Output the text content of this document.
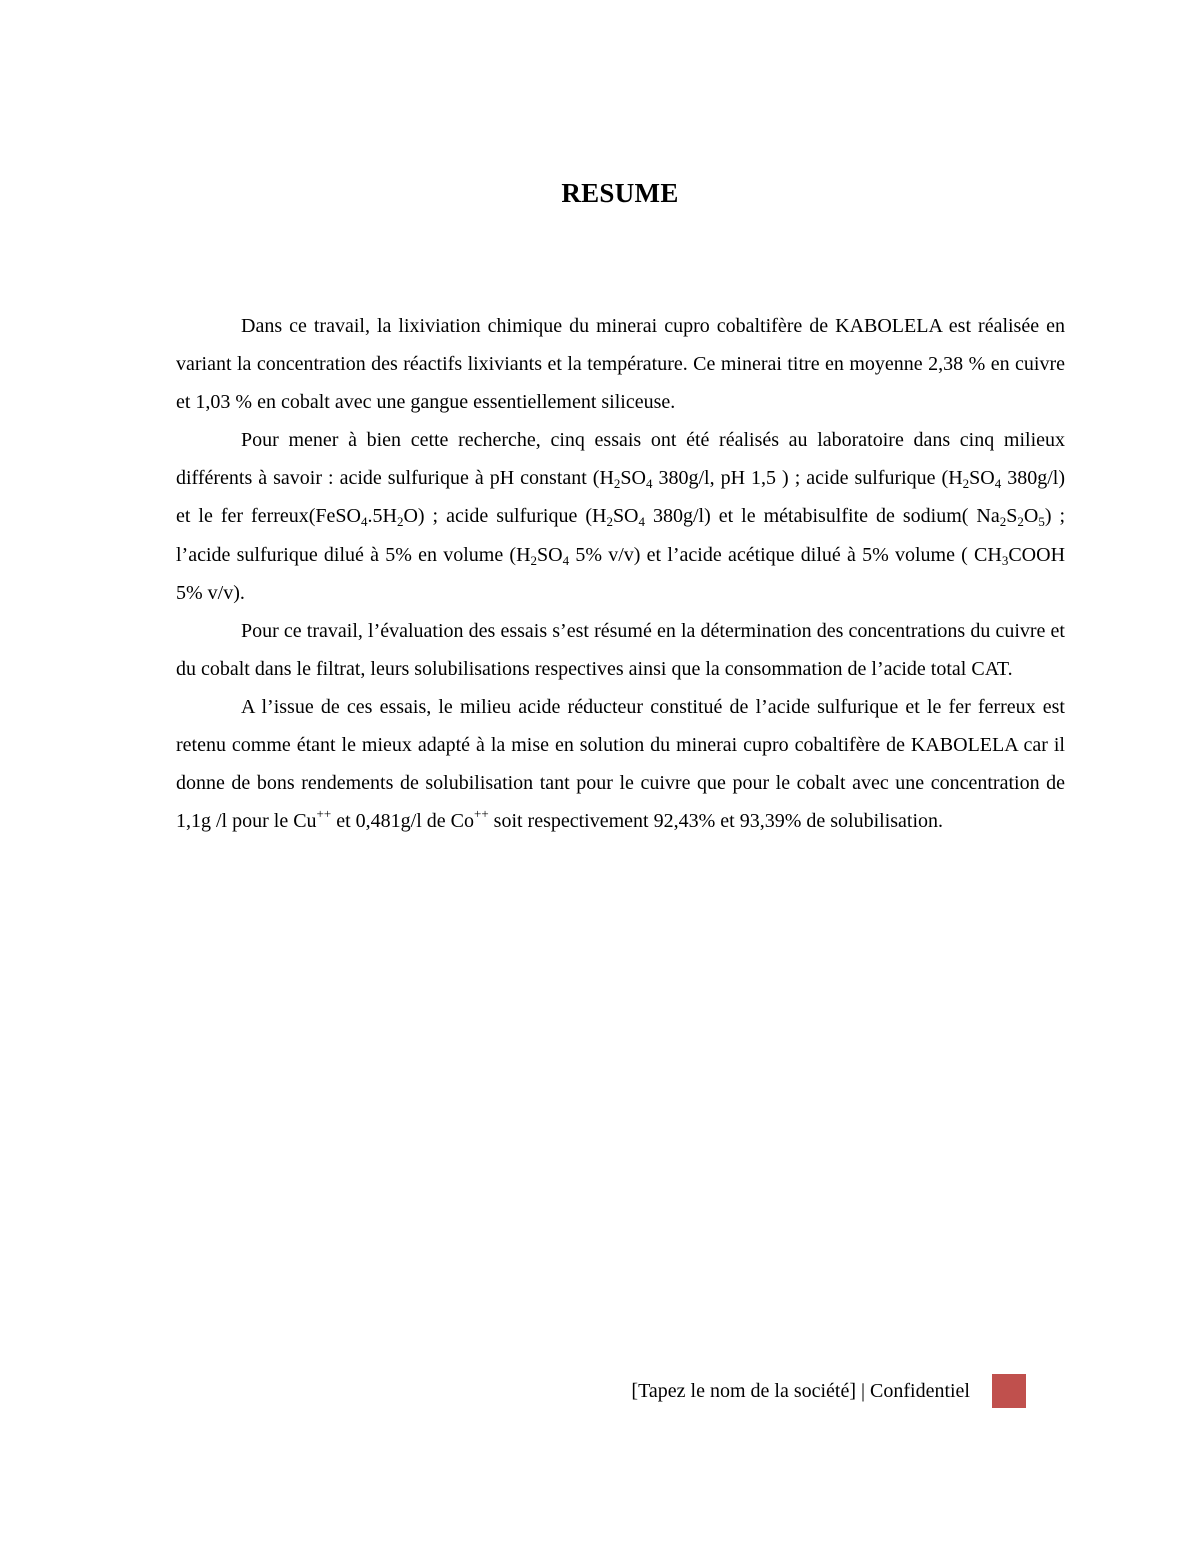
RESUME

Dans ce travail, la lixiviation chimique du minerai cupro cobaltifère de KABOLELA est réalisée en variant la concentration des réactifs lixiviants et la température. Ce minerai titre en moyenne 2,38 % en cuivre et 1,03 % en cobalt avec une gangue essentiellement siliceuse.

Pour mener à bien cette recherche, cinq essais ont été réalisés au laboratoire dans cinq milieux différents à savoir : acide sulfurique à pH constant ($H_2SO_4$ 380g/l, pH 1,5 ) ; acide sulfurique ($H_2SO_4$ 380g/l) et le fer $ferreux(FeSO_4.5H_2O)$ ; acide sulfurique ($H_2SO_4$ 380g/l) et le métabisulfite de sodium( $Na_2S_2O_5$) ; l’acide sulfurique dilué à 5% en volume ($H_2SO_4$ 5% v/v) et l’acide acétique dilué à 5% volume ( $CH_3COOH$ 5% v/v).

Pour ce travail, l’évaluation des essais s’est résumé en la détermination des concentrations du cuivre et du cobalt dans le filtrat, leurs solubilisations respectives ainsi que la consommation de l’acide total CAT.

A l’issue de ces essais, le milieu acide réducteur constitué de l’acide sulfurique et le fer ferreux est retenu comme étant le mieux adapté à la mise en solution du minerai cupro cobaltifère de KABOLELA car il donne de bons rendements de solubilisation tant pour le cuivre que pour le cobalt avec une concentration de 1,1g /l pour le Cu++ et 0,481g/l de Co++ soit respectivement 92,43% et 93,39% de solubilisation.

[Tapez le nom de la société] | Confidentiel
